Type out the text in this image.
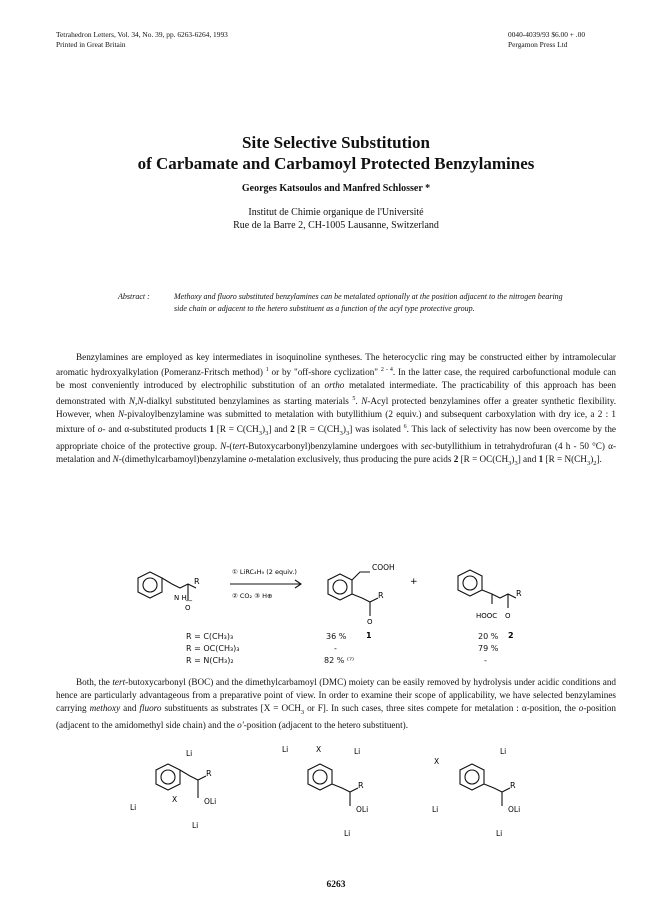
Tetrahedron Letters, Vol. 34, No. 39, pp. 6263-6264, 1993
Printed in Great Britain
0040-4039/93 $6.00 + .00
Pergamon Press Ltd
Site Selective Substitution
of Carbamate and Carbamoyl Protected Benzylamines
Georges Katsoulos and Manfred Schlosser *
Institut de Chimie organique de l'Université
Rue de la Barre 2, CH-1005 Lausanne, Switzerland
Abstract :	Methoxy and fluoro substituted benzylamines can be metalated optionally at the position adjacent to the nitrogen bearing side chain or adjacent to the hetero substituent as a function of the acyl type protective group.

Benzylamines are employed as key intermediates in isoquinoline syntheses. The heterocyclic ring may be constructed either by intramolecular aromatic hydroxyalkylation (Pomeranz-Fritsch method) $^1$ or by "off-shore cyclization" $^{2 - 4}$. In the latter case, the required carbofunctional module can be most conveniently introduced by electrophilic substitution of an ortho metalated intermediate. The practicability of this approach has been demonstrated with N,N-dialkyl substituted benzylamines as starting materials $^5$. N-Acyl protected benzylamines offer a greater synthetic flexibility. However, when N-pivaloylbenzylamine was submitted to metalation with butyllithium (2 equiv.) and subsequent carboxylation with dry ice, a 2 : 1 mixture of o- and α-substituted products 1 $[R = C(CH_3)_3]$ and 2 $[R = C(CH_3)_3]$ was isolated $^6$. This lack of selectivity has now been overcome by the appropriate choice of the protective group. N-(tert-Butoxycarbonyl)benzylamine undergoes with sec-butyllithium in tetrahydrofuran (4 h - 50 °C) α-metalation and N-(dimethylcarbamoyl)benzylamine o-metalation exclusively, thus producing the pure acids 2 $[R = OC(CH_3)_3]$ and 1 $[R = N(CH_3)_2]$.

R
N H ͟
O
① LiRC₄H₉ (2 equiv.)
② CO₂ ③ H⊕
COOH
R
O
1
+
R
HOOC O
2
R = C(CH₃)₃	36 %	20 %
R = OC(CH₃)₃	-	79 %
R = N(CH₃)₂	82 % ⁽⁷⁾	-

Both, the tert-butoxycarbonyl (BOC) and the dimethylcarbamoyl (DMC) moiety can be easily removed by hydrolysis under acidic conditions and hence are particularly advantageous from a preparative point of view. In order to examine their scope of applicability, we have selected benzylamines carrying methoxy and fluoro substituents as substrates [$X = OCH_3$ or F]. In such cases, three sites compete for metalation : α-position, the o-position (adjacent to the amidomethyl side chain) and the o'-position (adjacent to the hetero substituent).

Li
R
Li
X	OLi
Li
Li	X	Li
R
OLi
Li
X
Li
R
Li	OLi
Li
6263
